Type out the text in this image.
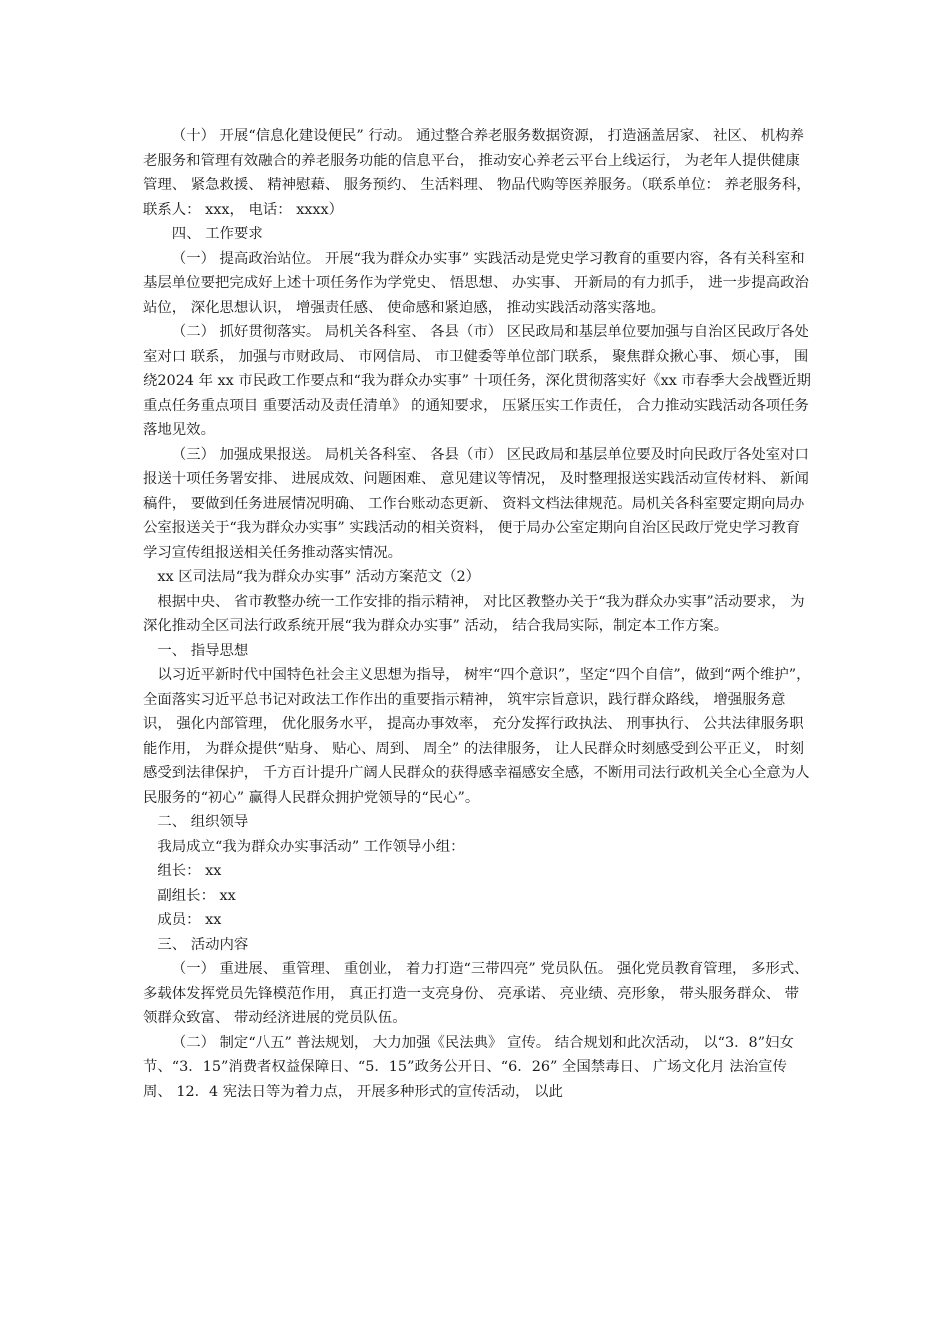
（十） 开展“信息化建设便民” 行动。 通过整合养老服务数据资源， 打造涵盖居家、 社区、 机构养老服务和管理有效融合的养老服务功能的信息平台， 推动安心养老云平台上线运行， 为老年人提供健康管理、 紧急救援、 精神慰藉、 服务预约、 生活料理、 物品代购等医养服务。（联系单位： 养老服务科， 联系人： xxx， 电话： xxxx）

四、 工作要求

（一） 提高政治站位。 开展“我为群众办实事” 实践活动是党史学习教育的重要内容，各有关科室和基层单位要把完成好上述十项任务作为学党史、 悟思想、 办实事、 开新局的有力抓手， 进一步提高政治站位， 深化思想认识， 增强责任感、 使命感和紧迫感， 推动实践活动落实落地。

（二） 抓好贯彻落实。 局机关各科室、 各县（市） 区民政局和基层单位要加强与自治区民政厅各处室对口 联系， 加强与市财政局、 市网信局、 市卫健委等单位部门联系， 聚焦群众揪心事、 烦心事， 围绕2024 年 xx 市民政工作要点和“我为群众办实事” 十项任务，深化贯彻落实好《xx 市春季大会战暨近期重点任务重点项目 重要活动及责任清单》 的通知要求， 压紧压实工作责任， 合力推动实践活动各项任务落地见效。

（三） 加强成果报送。 局机关各科室、 各县（市） 区民政局和基层单位要及时向民政厅各处室对口 报送十项任务署安排、 进展成效、问题困难、 意见建议等情况， 及时整理报送实践活动宣传材料、 新闻稿件， 要做到任务进展情况明确、 工作台账动态更新、 资料文档法律规范。局机关各科室要定期向局办公室报送关于“我为群众办实事” 实践活动的相关资料， 便于局办公室定期向自治区民政厅党史学习教育学习宣传组报送相关任务推动落实情况。

xx 区司法局“我为群众办实事” 活动方案范文（2）

根据中央、 省市教整办统一工作安排的指示精神， 对比区教整办关于“我为群众办实事”活动要求， 为深化推动全区司法行政系统开展“我为群众办实事” 活动， 结合我局实际，制定本工作方案。

一、 指导思想

以习近平新时代中国特色社会主义思想为指导， 树牢“四个意识”，坚定“四个自信”，做到“两个维护”， 全面落实习近平总书记对政法工作作出的重要指示精神， 筑牢宗旨意识，践行群众路线， 增强服务意识， 强化内部管理， 优化服务水平， 提高办事效率， 充分发挥行政执法、 刑事执行、 公共法律服务职能作用， 为群众提供“贴身、 贴心、周到、 周全” 的法律服务， 让人民群众时刻感受到公平正义， 时刻感受到法律保护， 千方百计提升广阔人民群众的获得感幸福感安全感，不断用司法行政机关全心全意为人民服务的“初心” 赢得人民群众拥护党领导的“民心”。

二、 组织领导

我局成立“我为群众办实事活动” 工作领导小组：

组长： xx

副组长： xx

成员： xx

三、 活动内容

（一） 重进展、 重管理、 重创业， 着力打造“三带四亮” 党员队伍。 强化党员教育管理， 多形式、 多载体发挥党员先锋模范作用， 真正打造一支亮身份、 亮承诺、 亮业绩、亮形象， 带头服务群众、 带领群众致富、 带动经济进展的党员队伍。

（二） 制定“八五” 普法规划， 大力加强《民法典》 宣传。 结合规划和此次活动， 以“3．8”妇女节、“3．15”消费者权益保障日、“5．15”政务公开日、“6．26” 全国禁毒日、 广场文化月 法治宣传周、 12．4 宪法日等为着力点， 开展多种形式的宣传活动， 以此
